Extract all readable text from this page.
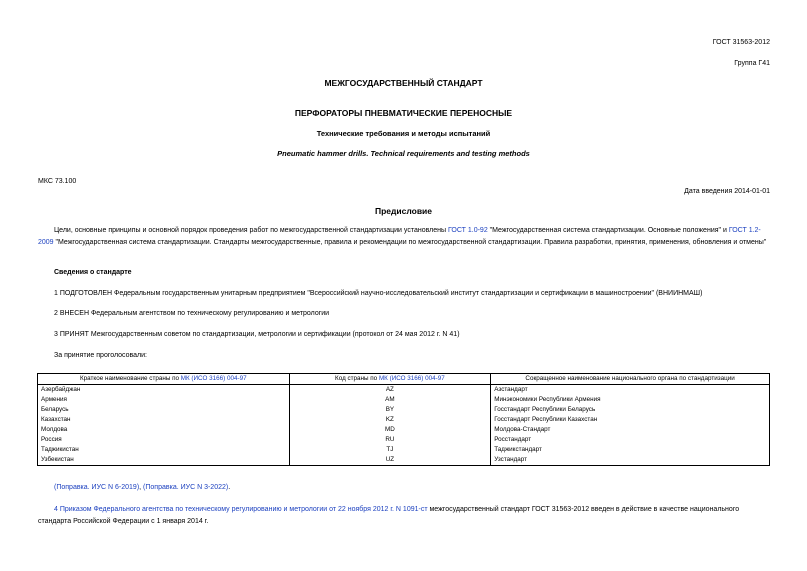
ГОСТ 31563-2012
Группа Г41
МЕЖГОСУДАРСТВЕННЫЙ СТАНДАРТ
ПЕРФОРАТОРЫ ПНЕВМАТИЧЕСКИЕ ПЕРЕНОСНЫЕ
Технические требования и методы испытаний
Pneumatic hammer drills. Technical requirements and testing methods
МКС 73.100
Дата введения 2014-01-01
Предисловие
Цели, основные принципы и основной порядок проведения работ по межгосударственной стандартизации установлены ГОСТ 1.0-92 "Межгосударственная система стандартизации. Основные положения" и ГОСТ 1.2-2009 "Межгосударственная система стандартизации. Стандарты межгосударственные, правила и рекомендации по межгосударственной стандартизации. Правила разработки, принятия, применения, обновления и отмены"
Сведения о стандарте
1 ПОДГОТОВЛЕН Федеральным государственным унитарным предприятием "Всероссийский научно-исследовательский институт стандартизации и сертификации в машиностроении" (ВНИИНМАШ)
2 ВНЕСЕН Федеральным агентством по техническому регулированию и метрологии
3 ПРИНЯТ Межгосударственным советом по стандартизации, метрологии и сертификации (протокол от 24 мая 2012 г. N 41)
За принятие проголосовали:
Краткое наименование страны по МК (ИСО 3166) 004-97	Код страны по МК (ИСО 3166) 004-97	Сокращенное наименование национального органа по стандартизации
Азербайджан	AZ	Азстандарт
Армения	AM	Минэкономики Республики Армения
Беларусь	BY	Госстандарт Республики Беларусь
Казахстан	KZ	Госстандарт Республики Казахстан
Молдова	MD	Молдова-Стандарт
Россия	RU	Росстандарт
Таджикистан	TJ	Таджикстандарт
Узбекистан	UZ	Узстандарт
(Поправка. ИУС N 6-2019), (Поправка. ИУС N 3-2022).
4 Приказом Федерального агентства по техническому регулированию и метрологии от 22 ноября 2012 г. N 1091-ст межгосударственный стандарт ГОСТ 31563-2012 введен в действие в качестве национального стандарта Российской Федерации с 1 января 2014 г.
